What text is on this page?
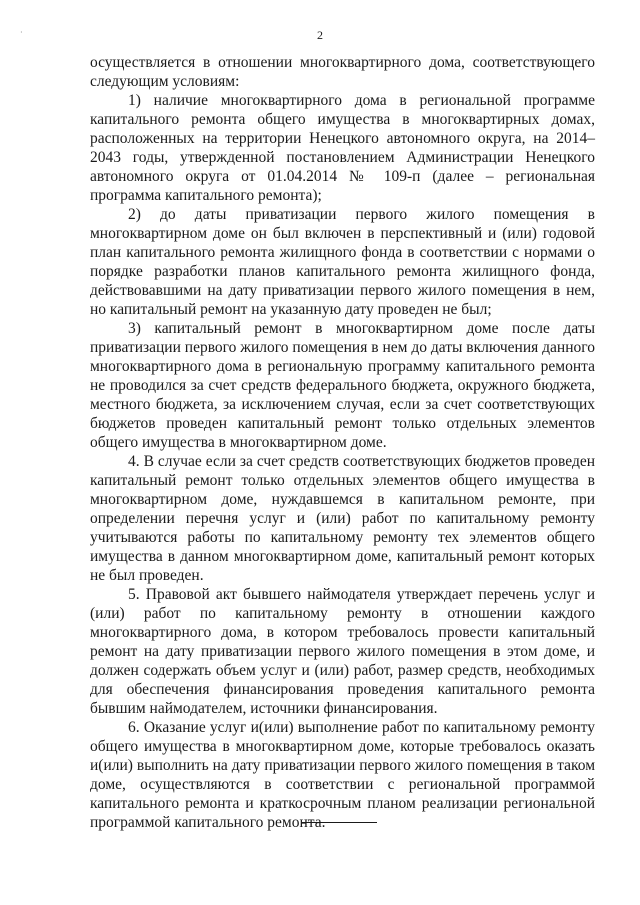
·	2

осуществляется в отношении многоквартирного дома, соответствующего следующим условиям:

1) наличие многоквартирного дома в региональной программе капитального ремонта общего имущества в многоквартирных домах, расположенных на территории Ненецкого автономного округа, на 2014–2043 годы, утвержденной постановлением Администрации Ненецкого автономного округа от 01.04.2014 № 109-п (далее – региональная программа капитального ремонта);

2) до даты приватизации первого жилого помещения в многоквартирном доме он был включен в перспективный и (или) годовой план капитального ремонта жилищного фонда в соответствии с нормами о порядке разработки планов капитального ремонта жилищного фонда, действовавшими на дату приватизации первого жилого помещения в нем, но капитальный ремонт на указанную дату проведен не был;

3) капитальный ремонт в многоквартирном доме после даты приватизации первого жилого помещения в нем до даты включения данного многоквартирного дома в региональную программу капитального ремонта не проводился за счет средств федерального бюджета, окружного бюджета, местного бюджета, за исключением случая, если за счет соответствующих бюджетов проведен капитальный ремонт только отдельных элементов общего имущества в многоквартирном доме.

4. В случае если за счет средств соответствующих бюджетов проведен капитальный ремонт только отдельных элементов общего имущества в многоквартирном доме, нуждавшемся в капитальном ремонте, при определении перечня услуг и (или) работ по капитальному ремонту учитываются работы по капитальному ремонту тех элементов общего имущества в данном многоквартирном доме, капитальный ремонт которых не был проведен.

5. Правовой акт бывшего наймодателя утверждает перечень услуг и (или) работ по капитальному ремонту в отношении каждого многоквартирного дома, в котором требовалось провести капитальный ремонт на дату приватизации первого жилого помещения в этом доме, и должен содержать объем услуг и (или) работ, размер средств, необходимых для обеспечения финансирования проведения капитального ремонта бывшим наймодателем, источники финансирования.

6. Оказание услуг и(или) выполнение работ по капитальному ремонту общего имущества в многоквартирном доме, которые требовалось оказать и(или) выполнить на дату приватизации первого жилого помещения в таком доме, осуществляются в соответствии с региональной программой капитального ремонта и краткосрочным планом реализации региональной программой капитального ремонта.
